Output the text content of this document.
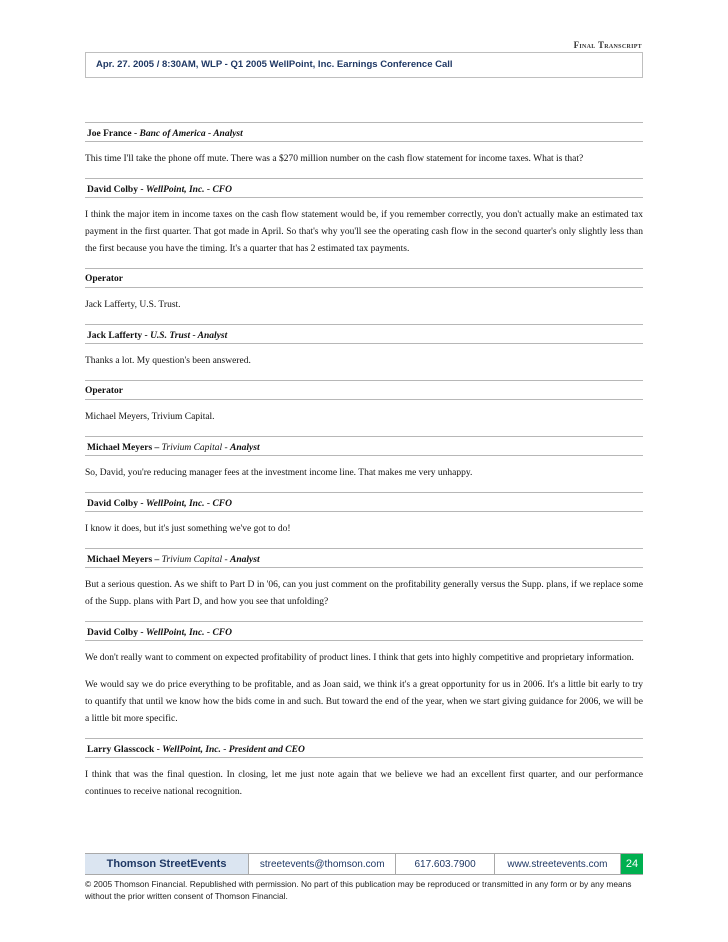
Final Transcript
Apr. 27. 2005 / 8:30AM, WLP - Q1 2005 WellPoint, Inc. Earnings Conference Call
Joe France - Banc of America - Analyst
This time I'll take the phone off mute. There was a $270 million number on the cash flow statement for income taxes. What is that?
David Colby - WellPoint, Inc. - CFO
I think the major item in income taxes on the cash flow statement would be, if you remember correctly, you don't actually make an estimated tax payment in the first quarter. That got made in April. So that's why you'll see the operating cash flow in the second quarter's only slightly less than the first because you have the timing. It's a quarter that has 2 estimated tax payments.
Operator
Jack Lafferty, U.S. Trust.
Jack Lafferty - U.S. Trust - Analyst
Thanks a lot. My question's been answered.
Operator
Michael Meyers, Trivium Capital.
Michael Meyers – Trivium Capital - Analyst
So, David, you're reducing manager fees at the investment income line. That makes me very unhappy.
David Colby - WellPoint, Inc. - CFO
I know it does, but it's just something we've got to do!
Michael Meyers – Trivium Capital - Analyst
But a serious question. As we shift to Part D in '06, can you just comment on the profitability generally versus the Supp. plans, if we replace some of the Supp. plans with Part D, and how you see that unfolding?
David Colby - WellPoint, Inc. - CFO
We don't really want to comment on expected profitability of product lines. I think that gets into highly competitive and proprietary information.
We would say we do price everything to be profitable, and as Joan said, we think it's a great opportunity for us in 2006. It's a little bit early to try to quantify that until we know how the bids come in and such. But toward the end of the year, when we start giving guidance for 2006, we will be a little bit more specific.
Larry Glasscock - WellPoint, Inc. - President and CEO
I think that was the final question. In closing, let me just note again that we believe we had an excellent first quarter, and our performance continues to receive national recognition.
Thomson StreetEvents	streetevents@thomson.com	617.603.7900	www.streetevents.com	24
© 2005 Thomson Financial. Republished with permission. No part of this publication may be reproduced or transmitted in any form or by any means without the prior written consent of Thomson Financial.
